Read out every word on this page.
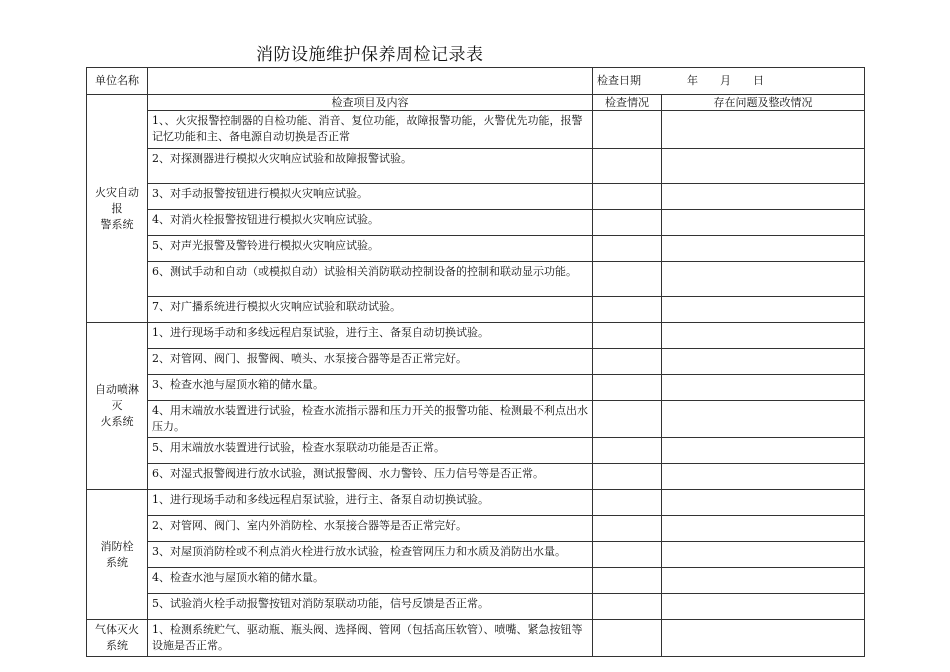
消防设施维护保养周检记录表
单位名称		检查日期 年 月 日	

火灾自动
报
警系统	检查项目及内容	检查情况	存在问题及整改情况
	1、、火灾报警控制器的自检功能、消音、复位功能，故障报警功能，火警优先功能，报警记忆功能和主、备电源自动切换是否正常		
	2、对探测器进行模拟火灾响应试验和故障报警试验。		
	3、对手动报警按钮进行模拟火灾响应试验。		
	4、对消火栓报警按钮进行模拟火灾响应试验。		
	5、对声光报警及警铃进行模拟火灾响应试验。		
	6、测试手动和自动（或模拟自动）试验相关消防联动控制设备的控制和联动显示功能。		
	7、对广播系统进行模拟火灾响应试验和联动试验。		

自动喷淋
灭
火系统	1、进行现场手动和多线远程启泵试验，进行主、备泵自动切换试验。		
	2、对管网、阀门、报警阀、喷头、水泵接合器等是否正常完好。		
	3、检查水池与屋顶水箱的储水量。		
	4、用末端放水装置进行试验，检查水流指示器和压力开关的报警功能、检测最不利点出水压力。		
	5、用末端放水装置进行试验，检查水泵联动功能是否正常。		
	6、对湿式报警阀进行放水试验，测试报警阀、水力警铃、压力信号等是否正常。		

消防栓
系统	1、进行现场手动和多线远程启泵试验，进行主、备泵自动切换试验。		
	2、对管网、阀门、室内外消防栓、水泵接合器等是否正常完好。		
	3、对屋顶消防栓或不利点消火栓进行放水试验，检查管网压力和水质及消防出水量。		
	4、检查水池与屋顶水箱的储水量。		
	5、试验消火栓手动报警按钮对消防泵联动功能，信号反馈是否正常。		

气体灭火
系统	1、检测系统贮气、驱动瓶、瓶头阀、选择阀、管网（包括高压软管）、喷嘴、紧急按钮等设施是否正常。		
